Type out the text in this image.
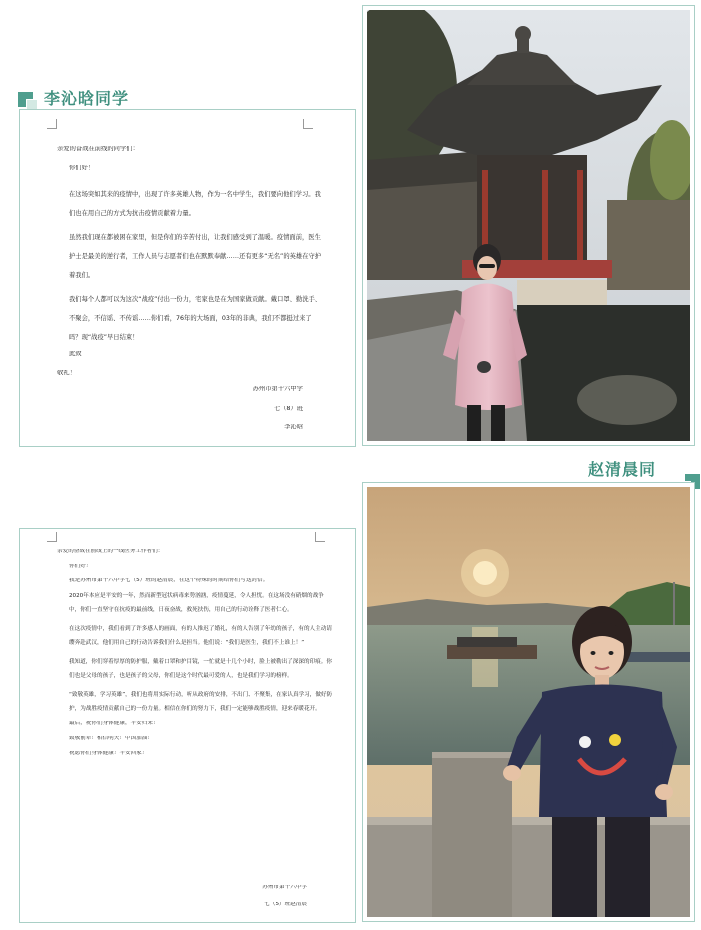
李沁晗同学

亲爱的奋战在前线的同学们：

你们好！

在这场突如其来的疫情中，出现了许多英雄人物，作为一名中学生，我们要向他们学习。我们也在用自己的方式为抗击疫情贡献着力量。

虽然我们现在都被困在家里，但是你们的辛苦付出，让我们感受到了温暖。疫情面前，医生护士是最美的逆行者，工作人员与志愿者们也在默默奉献……还有更多“无名”的英雄在守护着我们。

我们每个人都可以为这次“战疫”付出一份力，宅家也是在为国家做贡献。戴口罩、勤洗手、不聚会，不信谣、不传谣……你们看，76年的大场面，03年的非典，我们不都挺过来了吗？现“战疫”早日结束！

此致

敬礼！

苏州市第十六中学

七（8）班

李沁晗

赵清晨同

亲爱的奋战在前线上的一线医务工作者们：

你们好！

我是苏州市第十六中学七（5）班的赵清晨，在这个特殊的时期给你们写这封信。

2020年本应是平安的一年，然而新型冠状病毒来势汹汹，疫情蔓延，令人担忧。在这场没有硝烟的战争中，你们一直坚守在抗疫的最前线，日夜奋战，救死扶伤，用自己的行动诠释了医者仁心。

在这次疫情中，我们看到了许多感人的画面，有的人推迟了婚礼，有的人告别了年幼的孩子，有的人主动请缨奔赴武汉，他们用自己的行动告诉我们什么是担当。他们说：“我们是医生，我们不上谁上！”

我知道，你们穿着厚厚的防护服，戴着口罩和护目镜，一忙就是十几个小时，脸上被勒出了深深的印痕。你们也是父母的孩子，也是孩子的父母，你们是这个时代最可爱的人，也是我们学习的榜样。

“致敬英雄，学习英雄”，我们也将用实际行动，听从政府的安排，不出门、不聚集，在家认真学习，做好防护，为战胜疫情贡献自己的一份力量。相信在你们的努力下，我们一定能够战胜疫情，迎来春暖花开。

最后，祝你们身体健康，平安归来！

致敬前辈！相信明天！中国加油！

祝愿你们身体健康！平安回家！

苏州市第十六中学

七（5）班赵清晨
